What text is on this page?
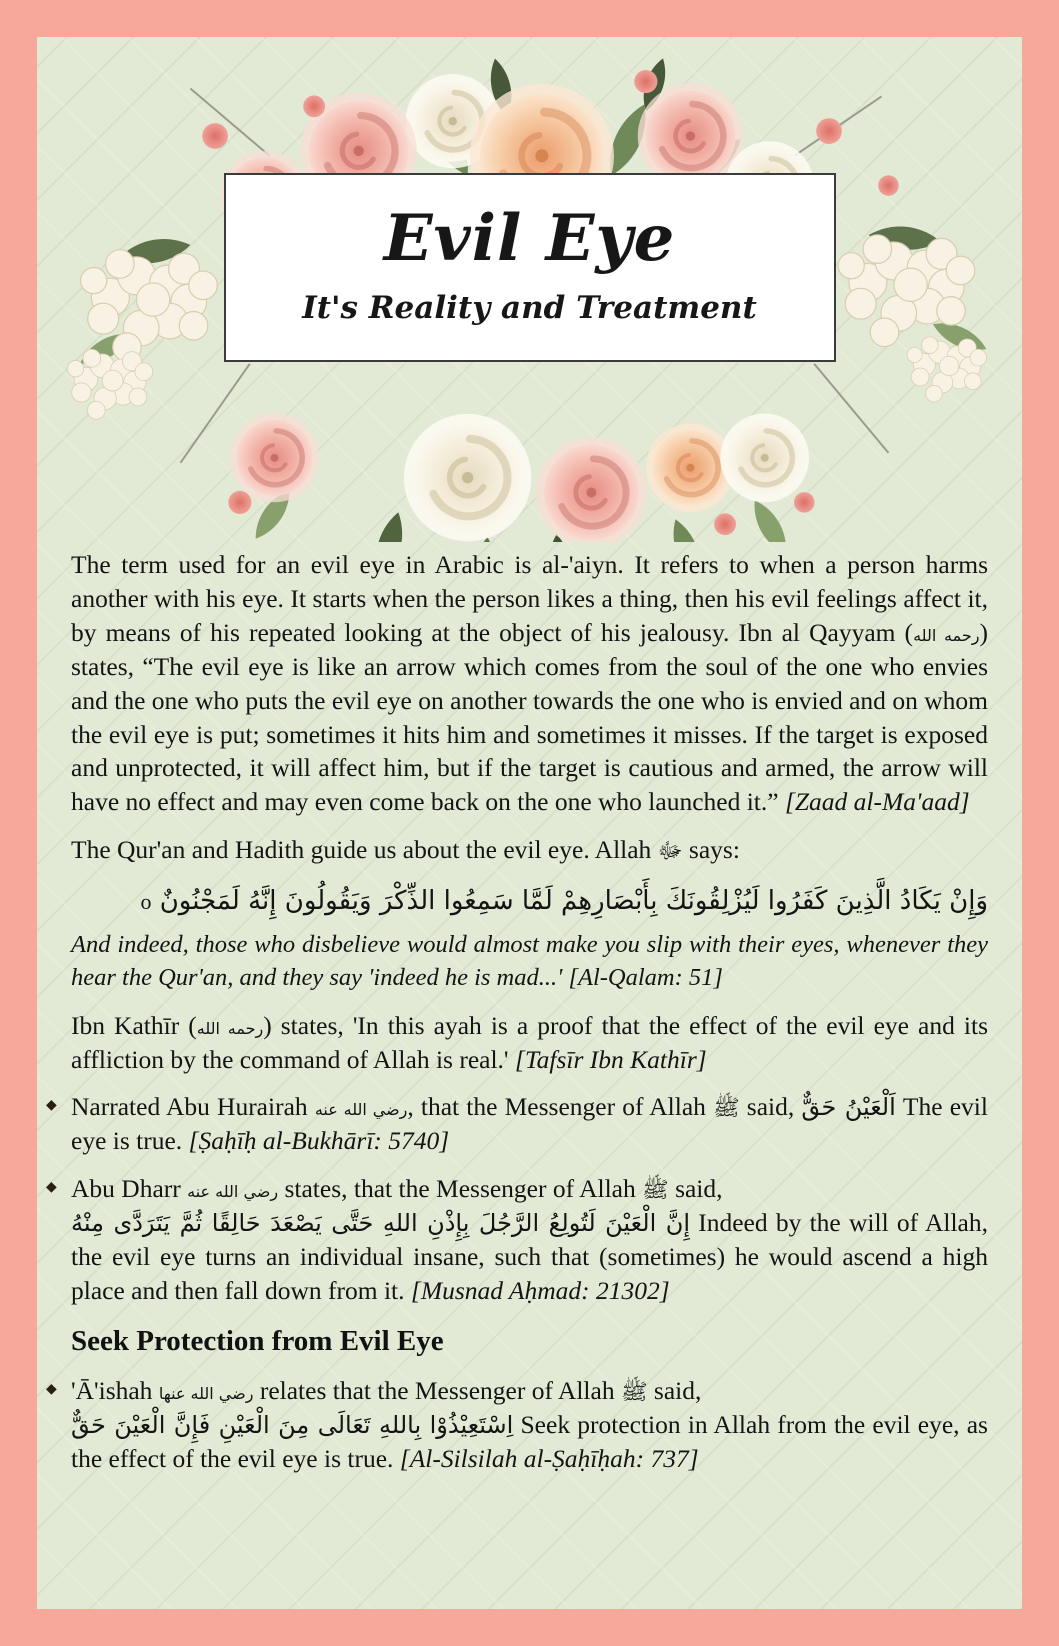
Evil Eye
It's Reality and Treatment

The term used for an evil eye in Arabic is al-'aiyn. It refers to when a person harms another with his eye. It starts when the person likes a thing, then his evil feelings affect it, by means of his repeated looking at the object of his jealousy. Ibn al Qayyam (رحمه الله) states, “The evil eye is like an arrow which comes from the soul of the one who envies and the one who puts the evil eye on another towards the one who is envied and on whom the evil eye is put; sometimes it hits him and sometimes it misses. If the target is exposed and unprotected, it will affect him, but if the target is cautious and armed, the arrow will have no effect and may even come back on the one who launched it.” [Zaad al-Ma'aad]

The Qur'an and Hadith guide us about the evil eye. Allah ﷻ says:

وَإِنْ يَكَادُ الَّذِينَ كَفَرُوا لَيُزْلِقُونَكَ بِأَبْصَارِهِمْ لَمَّا سَمِعُوا الذِّكْرَ وَيَقُولُونَ إِنَّهُ لَمَجْنُونٌ o

And indeed, those who disbelieve would almost make you slip with their eyes, whenever they hear the Qur'an, and they say 'indeed he is mad...' [Al-Qalam: 51]

Ibn Kathīr (رحمه الله) states, 'In this ayah is a proof that the effect of the evil eye and its affliction by the command of Allah is real.' [Tafsīr Ibn Kathīr]

◆ Narrated Abu Hurairah رضي الله عنه, that the Messenger of Allah ﷺ said, اَلْعَيْنُ حَقٌّ The evil eye is true. [Ṣaḥīḥ al-Bukhārī: 5740]

◆ Abu Dharr رضي الله عنه states, that the Messenger of Allah ﷺ said,
إِنَّ الْعَيْنَ لَتُولِعُ الرَّجُلَ بِإِذْنِ اللهِ حَتَّى يَصْعَدَ حَالِقًا ثُمَّ يَتَرَدَّى مِنْهُ Indeed by the will of Allah, the evil eye turns an individual insane, such that (sometimes) he would ascend a high place and then fall down from it. [Musnad Aḥmad: 21302]

Seek Protection from Evil Eye

◆ 'Ā'ishah رضي الله عنها relates that the Messenger of Allah ﷺ said,
اِسْتَعِيْذُوْا بِاللهِ تَعَالَى مِنَ الْعَيْنِ فَإِنَّ الْعَيْنَ حَقٌّ Seek protection in Allah from the evil eye, as the effect of the evil eye is true. [Al-Silsilah al-Ṣaḥīḥah: 737]
